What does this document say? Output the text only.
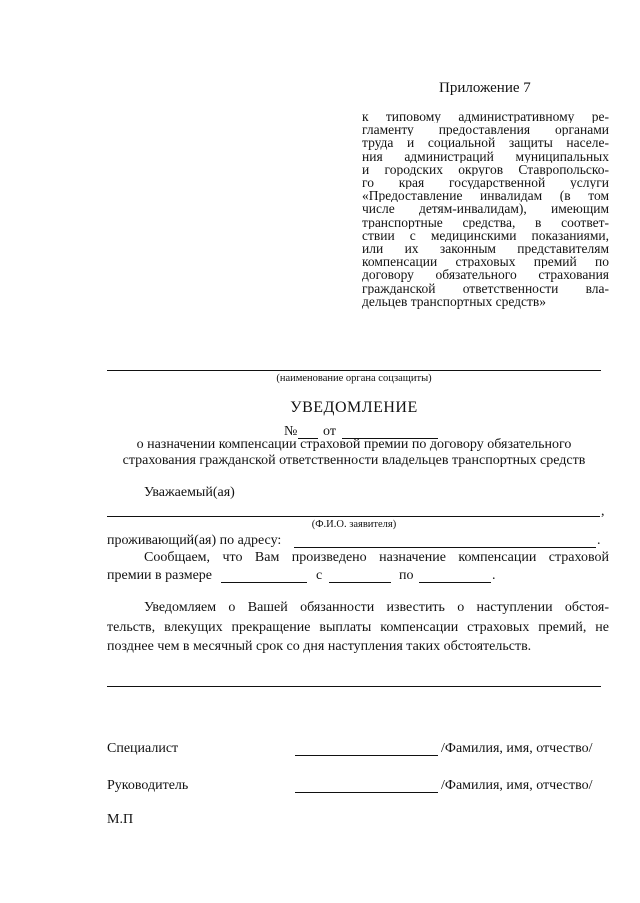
Приложение 7
к типовому административному ре-
гламенту предоставления органами
труда и социальной защиты населе-
ния администраций муниципальных
и городских округов Ставропольско-
го края государственной услуги
«Предоставление инвалидам (в том
числе детям-инвалидам), имеющим
транспортные средства, в соответ-
ствии с медицинскими показаниями,
или их законным представителям
компенсации страховых премий по
договору обязательного страхования
гражданской ответственности вла-
дельцев транспортных средств»
(наименование органа соцзащиты)
УВЕДОМЛЕНИЕ
№ от
о назначении компенсации страховой премии по договору обязательного
страхования гражданской ответственности владельцев транспортных средств
Уважаемый(ая)
,
(Ф.И.О. заявителя)
проживающий(ая) по адресу:	.
Сообщаем, что Вам произведено назначение компенсации страховой
премии в размере	с	по	.
Уведомляем о Вашей обязанности известить о наступлении обстоя-
тельств, влекущих прекращение выплаты компенсации страховых премий, не
позднее чем в месячный срок со дня наступления таких обстоятельств.
Специалист	/Фамилия, имя, отчество/
Руководитель	/Фамилия, имя, отчество/
М.П
